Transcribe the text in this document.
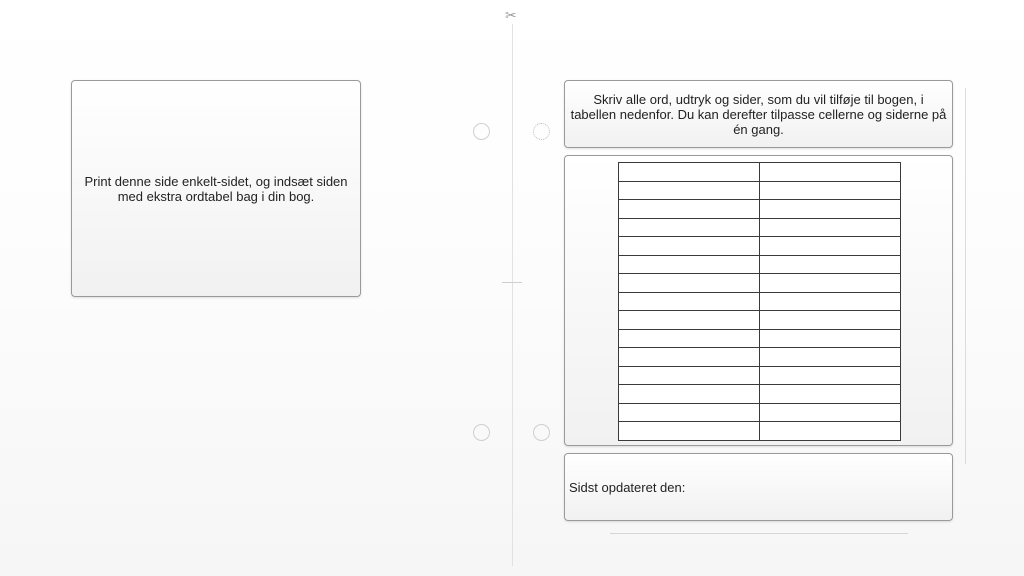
✂
Print denne side enkelt-sidet, og indsæt siden med ekstra ordtabel bag i din bog.
Skriv alle ord, udtryk og sider, som du vil tilføje til bogen, i tabellen nedenfor. Du kan derefter tilpasse cellerne og siderne på én gang.

Sidst opdateret den:
